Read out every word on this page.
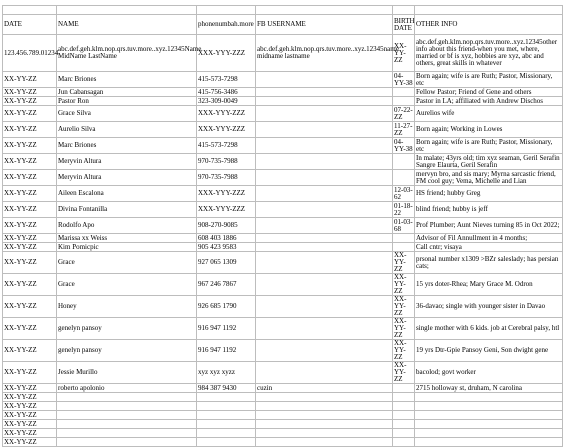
DATE	NAME	phonenumbah.more	FB USERNAME	BIRTH DATE	OTHER INFO
123.456.789.01234	abc.def.geh.klm.nop.qrs.tuv.more..xyz.12345Name MidName LastName	XXX-YYY-ZZZ	abc.def.geh.klm.nop.qrs.tuv.more..xyz.12345name midname lastname	XX-YY-ZZ	abc.def.geh.klm.nop.qrs.tuv.more..xyz.12345other info about this friend-when you met, where, married or bf is xyz, hobbies are xyz, abc and others, great skills in whatever
XX-YY-ZZ	Marc Briones	415-573-7298		04-YY-38	Born again; wife is are Ruth; Pastor, Missionary, etc
XX-YY-ZZ	Jun Cabansagan	415-756-3486			Fellow Pastor; Friend of Gene and others
XX-YY-ZZ	Pastor Ron	323-309-0049			Pastor in LA; affiliated with Andrew Dischos
XX-YY-ZZ	Grace Silva	XXX-YYY-ZZZ		07-22-ZZ	Aurelios wife
XX-YY-ZZ	Aurelio Silva	XXX-YYY-ZZZ		11-27-ZZ	Born again; Working in Lowes
XX-YY-ZZ	Marc Briones	415-573-7298		04-YY-38	Born again; wife is are Ruth; Pastor, Missionary, etc
XX-YY-ZZ	Meryvin Altura	970-735-7988			In malate; 43yrs old; tim xyz seaman, Geril Serafin Sangre Elaurta, Geril Serafin
XX-YY-ZZ	Meryvin Altura	970-735-7988			mervyn bro, and sis mary; Myrna sarcastic friend, FM cool guy; Vema, Michelle and Lian
XX-YY-ZZ	Aileen Escalona	XXX-YYY-ZZZ		12-03-62	HS friend; hubby Greg
XX-YY-ZZ	Divina Fontanilla	XXX-YYY-ZZZ		01-18-22	blind friend; hubby is jeff
XX-YY-ZZ	Rodolfo Apo	908-270-9085		01-03-68	Prof Plumber; Aunt Nieves turning 85 in Oct 2022;
XX-YY-ZZ	Marissa xx Weiss	608 403 1886			Advisor of Fil Annullment in 4 months;
XX-YY-ZZ	Kim Pomicpic	905 423 9583			Call cntr; visaya
XX-YY-ZZ	Grace	927 065 1309		XX-YY-ZZ	prsonal number x1309 >BZr saleslady; has persian cats;
XX-YY-ZZ	Grace	967 246 7867		XX-YY-ZZ	15 yrs doter-Rhea; Mary Grace M. Odron
XX-YY-ZZ	Honey	926 685 1790		XX-YY-ZZ	36-davao; single with younger sister in Davao
XX-YY-ZZ	genelyn pansoy	916 947 1192		XX-YY-ZZ	single mother with 6 kids. job at Cerebral palsy, htl
XX-YY-ZZ	genelyn pansoy	916 947 1192		XX-YY-ZZ	19 yrs Dtr-Gpie Pansoy Geni, Son dwight gene
XX-YY-ZZ	Jessie Murillo	xyz xyz xyzz		XX-YY-ZZ	bacolod; govt worker
XX-YY-ZZ	roberto apolonio	984 387 9430	cuzin		2715 holloway st, druham, N carolina
XX-YY-ZZ					
XX-YY-ZZ					
XX-YY-ZZ					
XX-YY-ZZ					
XX-YY-ZZ					
XX-YY-ZZ					
